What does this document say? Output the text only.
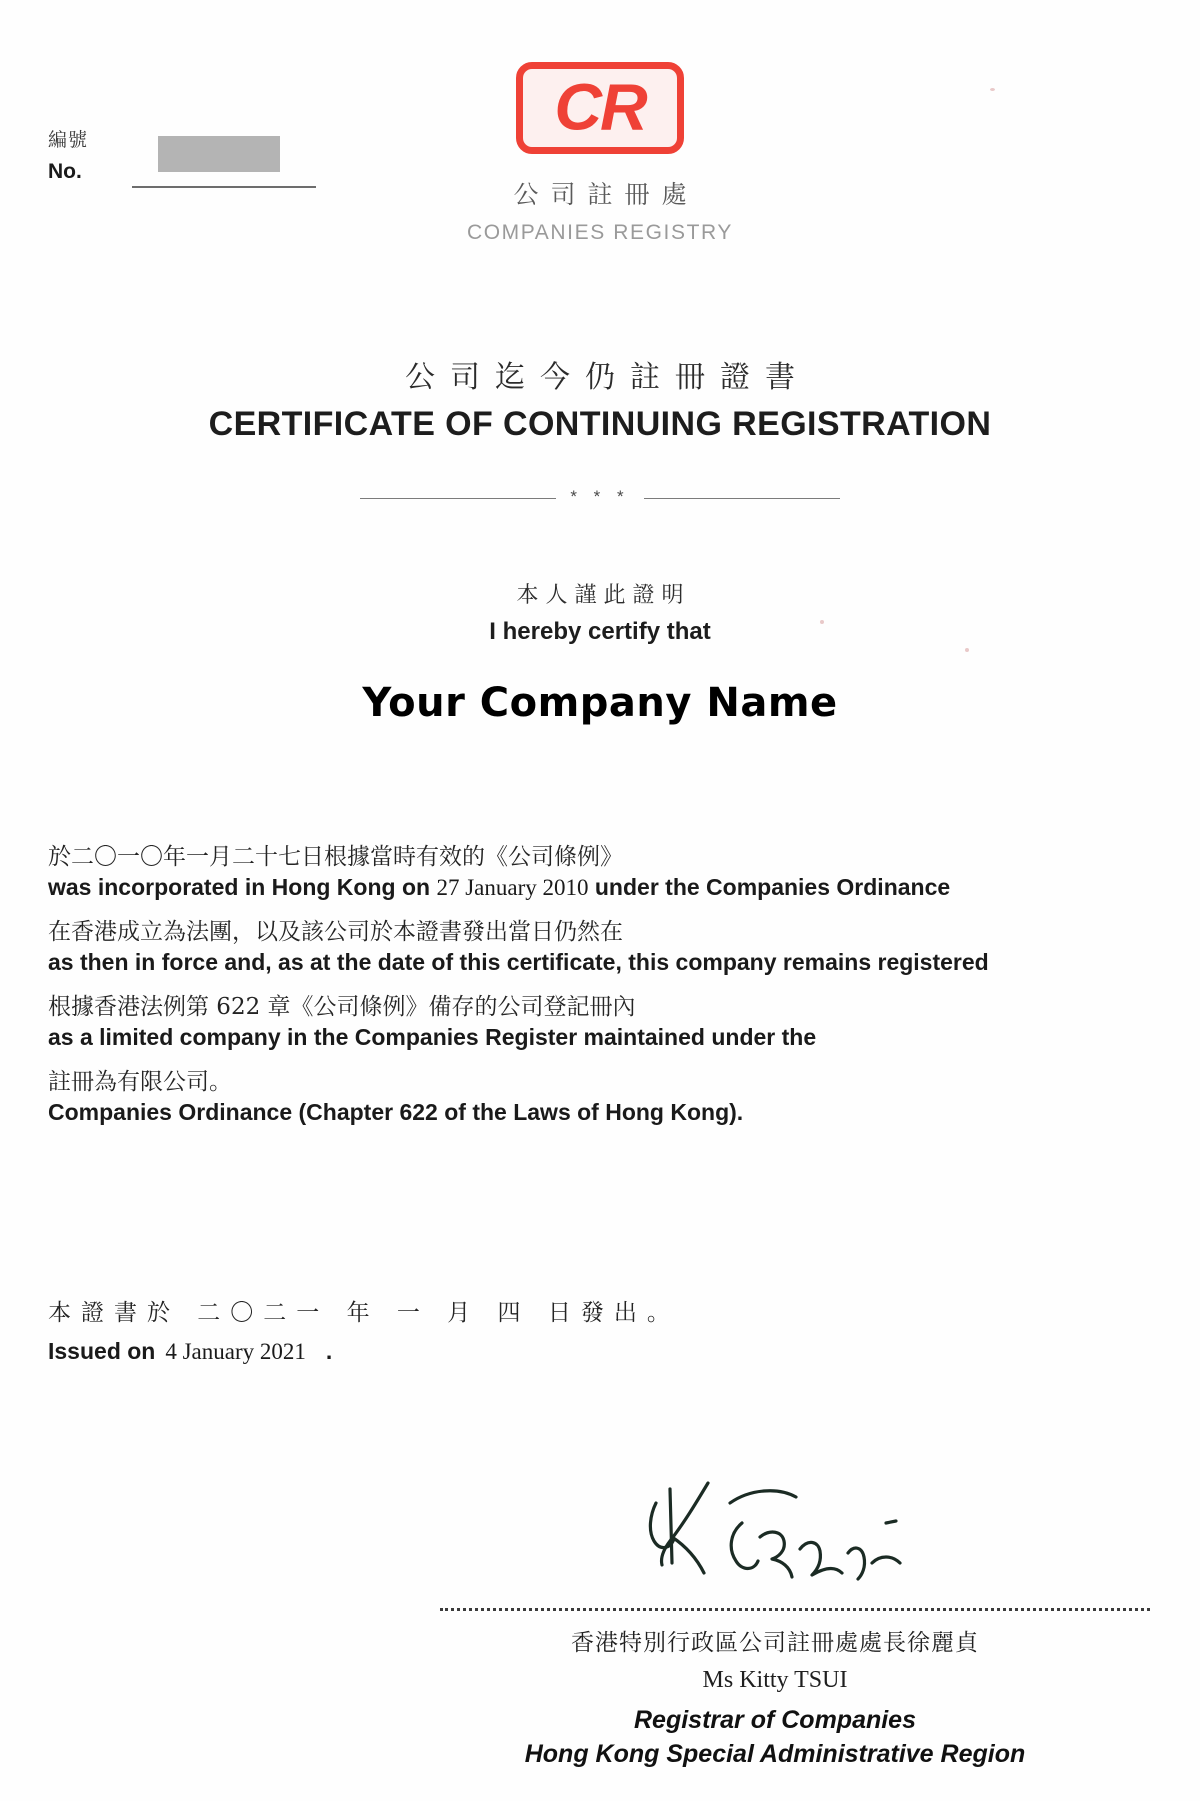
編號
No.
CR
公司註冊處
COMPANIES REGISTRY
公司迄今仍註冊證書
CERTIFICATE OF CONTINUING REGISTRATION
* * *
本人謹此證明
I hereby certify that
Your Company Name
於二〇一〇年一月二十七日根據當時有效的《公司條例》
was incorporated in Hong Kong on 27 January 2010 under the Companies Ordinance
在香港成立為法團，以及該公司於本證書發出當日仍然在
as then in force and, as at the date of this certificate, this company remains registered
根據香港法例第 622 章《公司條例》備存的公司登記冊內
as a limited company in the Companies Register maintained under the
註冊為有限公司。
Companies Ordinance (Chapter 622 of the Laws of Hong Kong).
本證書於 二〇二一 年 一 月 四 日發出。
Issued on 4 January 2021 .
香港特別行政區公司註冊處處長徐麗貞
Ms Kitty TSUI
Registrar of Companies
Hong Kong Special Administrative Region
